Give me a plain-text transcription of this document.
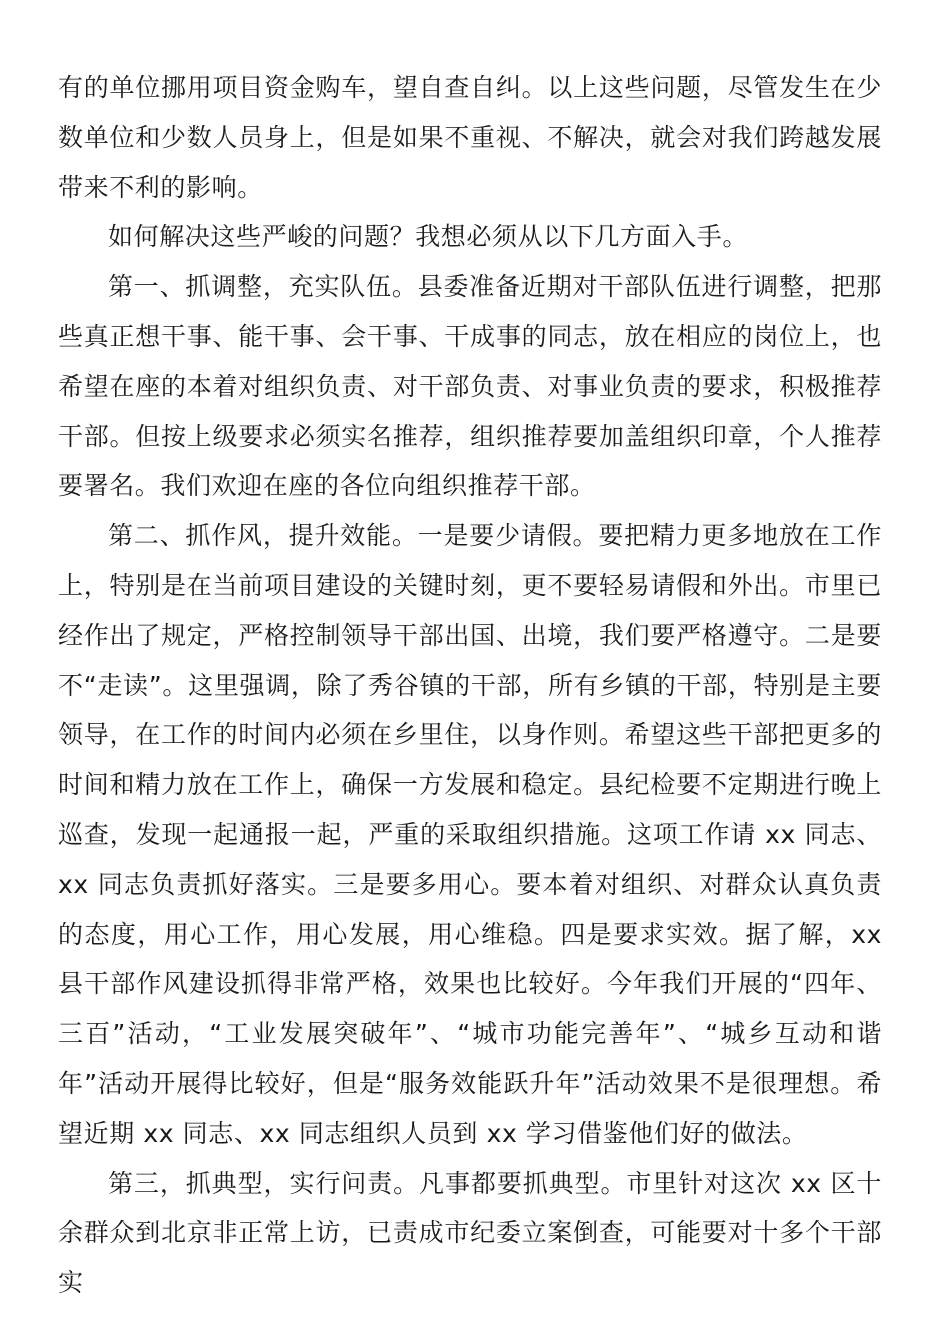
有的单位挪用项目资金购车，望自查自纠。以上这些问题，尽管发生在少数单位和少数人员身上，但是如果不重视、不解决，就会对我们跨越发展带来不利的影响。

如何解决这些严峻的问题？我想必须从以下几方面入手。

第一、抓调整，充实队伍。县委准备近期对干部队伍进行调整，把那些真正想干事、能干事、会干事、干成事的同志，放在相应的岗位上，也希望在座的本着对组织负责、对干部负责、对事业负责的要求，积极推荐干部。但按上级要求必须实名推荐，组织推荐要加盖组织印章，个人推荐要署名。我们欢迎在座的各位向组织推荐干部。

第二、抓作风，提升效能。一是要少请假。要把精力更多地放在工作上，特别是在当前项目建设的关键时刻，更不要轻易请假和外出。市里已经作出了规定，严格控制领导干部出国、出境，我们要严格遵守。二是要不“走读”。这里强调，除了秀谷镇的干部，所有乡镇的干部，特别是主要领导，在工作的时间内必须在乡里住，以身作则。希望这些干部把更多的时间和精力放在工作上，确保一方发展和稳定。县纪检要不定期进行晚上巡查，发现一起通报一起，严重的采取组织措施。这项工作请 xx 同志、xx 同志负责抓好落实。三是要多用心。要本着对组织、对群众认真负责的态度，用心工作，用心发展，用心维稳。四是要求实效。据了解，xx 县干部作风建设抓得非常严格，效果也比较好。今年我们开展的“四年、三百”活动，“工业发展突破年”、“城市功能完善年”、“城乡互动和谐年”活动开展得比较好，但是“服务效能跃升年”活动效果不是很理想。希望近期 xx 同志、xx 同志组织人员到 xx 学习借鉴他们好的做法。

第三，抓典型，实行问责。凡事都要抓典型。市里针对这次 xx 区十余群众到北京非正常上访，已责成市纪委立案倒查，可能要对十多个干部实
